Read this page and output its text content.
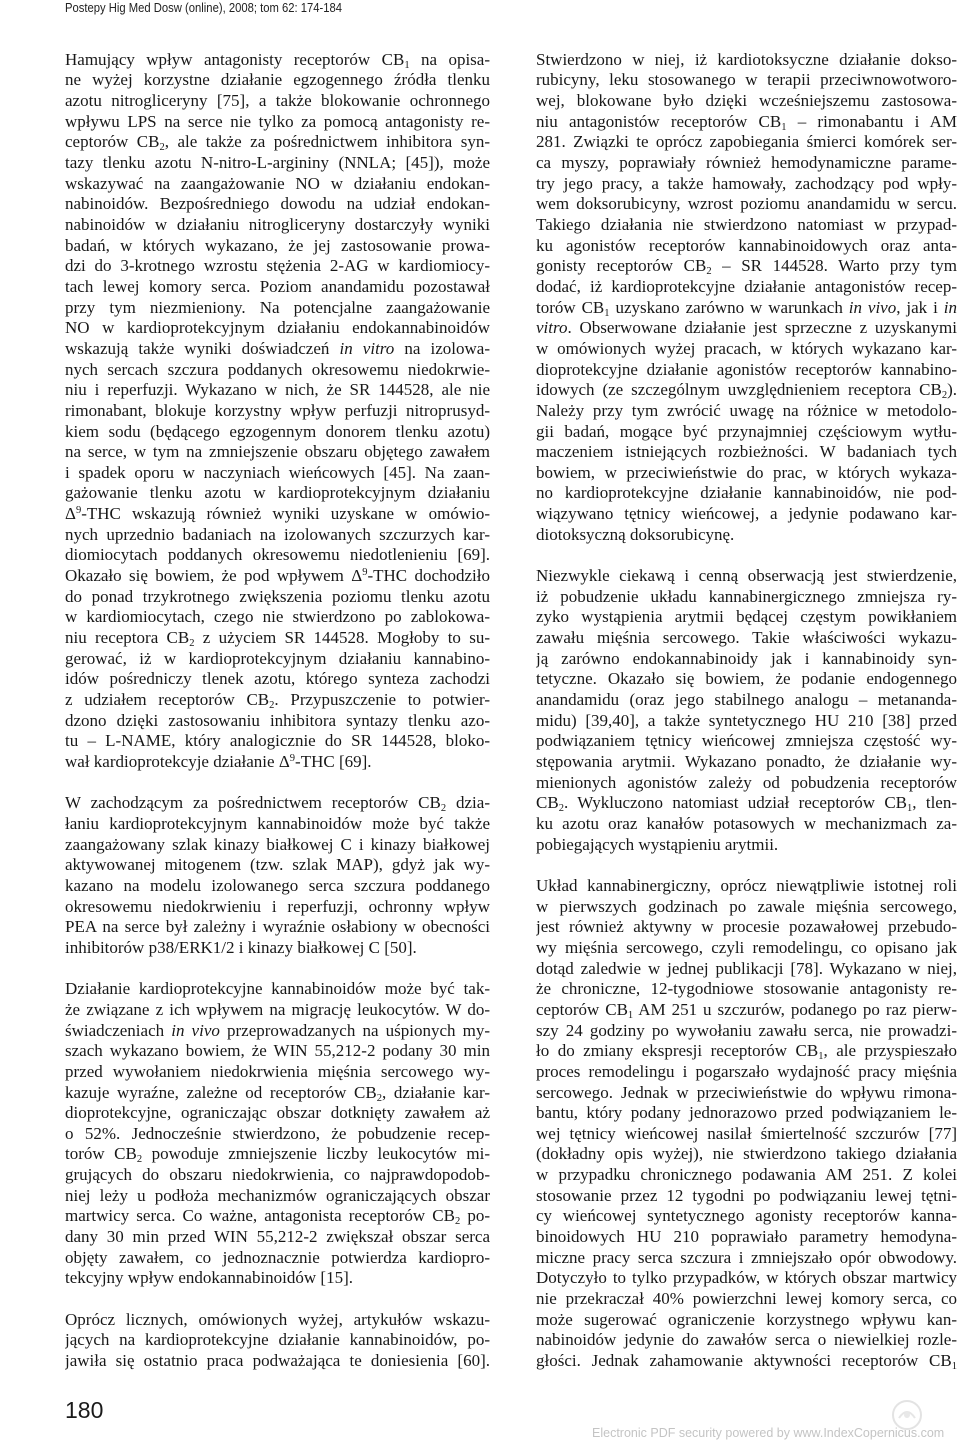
Postepy Hig Med Dosw (online), 2008; tom 62: 174-184
Hamujący wpływ antagonisty receptorów $CB_1$ na opisa-
ne wyżej korzystne działanie egzogennego źródła tlenku
azotu nitrogliceryny [75], a także blokowanie ochronnego
wpływu LPS na serce nie tylko za pomocą antagonisty re-
ceptorów $CB_2$, ale także za pośrednictwem inhibitora syn-
tazy tlenku azotu N-nitro-L-argininy (NNLA; [45]), może
wskazywać na zaangażowanie NO w działaniu endokan-
nabinoidów. Bezpośredniego dowodu na udział endokan-
nabinoidów w działaniu nitrogliceryny dostarczyły wyniki
badań, w których wykazano, że jej zastosowanie prowa-
dzi do 3-krotnego wzrostu stężenia 2-AG w kardiomiocy-
tach lewej komory serca. Poziom anandamidu pozostawał
przy tym niezmieniony. Na potencjalne zaangażowanie
NO w kardioprotekcyjnym działaniu endokannabinoidów
wskazują także wyniki doświadczeń in vitro na izolowa-
nych sercach szczura poddanych okresowemu niedokrwie-
niu i reperfuzji. Wykazano w nich, że SR 144528, ale nie
rimonabant, blokuje korzystny wpływ perfuzji nitroprusyd-
kiem sodu (będącego egzogennym donorem tlenku azotu)
na serce, w tym na zmniejszenie obszaru objętego zawałem
i spadek oporu w naczyniach wieńcowych [45]. Na zaan-
gażowanie tlenku azotu w kardioprotekcyjnym działaniu
$\Delta^9$-THC wskazują również wyniki uzyskane w omówio-
nych uprzednio badaniach na izolowanych szczurzych kar-
diomiocytach poddanych okresowemu niedotlenieniu [69].
Okazało się bowiem, że pod wpływem $\Delta^9$-THC dochodziło
do ponad trzykrotnego zwiększenia poziomu tlenku azotu
w kardiomiocytach, czego nie stwierdzono po zablokowa-
niu receptora $CB_2$ z użyciem SR 144528. Mogłoby to su-
gerować, iż w kardioprotekcyjnym działaniu kannabino-
idów pośredniczy tlenek azotu, którego synteza zachodzi
z udziałem receptorów $CB_2$. Przypuszczenie to potwier-
dzono dzięki zastosowaniu inhibitora syntazy tlenku azo-
tu – L-NAME, który analogicznie do SR 144528, bloko-
wał kardioprotekcyje działanie $\Delta^9$-THC [69].
W zachodzącym za pośrednictwem receptorów $CB_2$ dzia-
łaniu kardioprotekcyjnym kannabinoidów może być także
zaangażowany szlak kinazy białkowej C i kinazy białkowej
aktywowanej mitogenem (tzw. szlak MAP), gdyż jak wy-
kazano na modelu izolowanego serca szczura poddanego
okresowemu niedokrwieniu i reperfuzji, ochronny wpływ
PEA na serce był zależny i wyraźnie osłabiony w obecności
inhibitorów p38/ERK1/2 i kinazy białkowej C [50].
Działanie kardioprotekcyjne kannabinoidów może być tak-
że związane z ich wpływem na migrację leukocytów. W do-
świadczeniach in vivo przeprowadzanych na uśpionych my-
szach wykazano bowiem, że WIN 55,212-2 podany 30 min
przed wywołaniem niedokrwienia mięśnia sercowego wy-
kazuje wyraźne, zależne od receptorów $CB_2$, działanie kar-
dioprotekcyjne, ograniczając obszar dotknięty zawałem aż
o 52%. Jednocześnie stwierdzono, że pobudzenie recep-
torów $CB_2$ powoduje zmniejszenie liczby leukocytów mi-
grujących do obszaru niedokrwienia, co najprawdopodob-
niej leży u podłoża mechanizmów ograniczających obszar
martwicy serca. Co ważne, antagonista receptorów $CB_2$ po-
dany 30 min przed WIN 55,212-2 zwiększał obszar serca
objęty zawałem, co jednoznacznie potwierdza kardiopro-
tekcyjny wpływ endokannabinoidów [15].
Oprócz licznych, omówionych wyżej, artykułów wskazu-
jących na kardioprotekcyjne działanie kannabinoidów, po-
jawiła się ostatnio praca podważająca te doniesienia [60].
Stwierdzono w niej, iż kardiotoksyczne działanie dokso-
rubicyny, leku stosowanego w terapii przeciwnowotworo-
wej, blokowane było dzięki wcześniejszemu zastosowa-
niu antagonistów receptorów $CB_1$ – rimonabantu i AM
281. Związki te oprócz zapobiegania śmierci komórek ser-
ca myszy, poprawiały również hemodynamiczne parame-
try jego pracy, a także hamowały, zachodzący pod wpły-
wem doksorubicyny, wzrost poziomu anandamidu w sercu.
Takiego działania nie stwierdzono natomiast w przypad-
ku agonistów receptorów kannabinoidowych oraz anta-
gonisty receptorów $CB_2$ – SR 144528. Warto przy tym
dodać, iż kardioprotekcyjne działanie antagonistów recep-
torów $CB_1$ uzyskano zarówno w warunkach in vivo, jak i in
vitro. Obserwowane działanie jest sprzeczne z uzyskanymi
w omówionych wyżej pracach, w których wykazano kar-
dioprotekcyjne działanie agonistów receptorów kannabino-
idowych (ze szczególnym uwzględnieniem receptora $CB_2$).
Należy przy tym zwrócić uwagę na różnice w metodolo-
gii badań, mogące być przynajmniej częściowym wytłu-
maczeniem istniejących rozbieżności. W badaniach tych
bowiem, w przeciwieństwie do prac, w których wykaza-
no kardioprotekcyjne działanie kannabinoidów, nie pod-
wiązywano tętnicy wieńcowej, a jedynie podawano kar-
diotoksyczną doksorubicynę.
Niezwykle ciekawą i cenną obserwacją jest stwierdzenie,
iż pobudzenie układu kannabinergicznego zmniejsza ry-
zyko wystąpienia arytmii będącej częstym powikłaniem
zawału mięśnia sercowego. Takie właściwości wykazu-
ją zarówno endokannabinoidy jak i kannabinoidy syn-
tetyczne. Okazało się bowiem, że podanie endogennego
anandamidu (oraz jego stabilnego analogu – metananda-
midu) [39,40], a także syntetycznego HU 210 [38] przed
podwiązaniem tętnicy wieńcowej zmniejsza częstość wy-
stępowania arytmii. Wykazano ponadto, że działanie wy-
mienionych agonistów zależy od pobudzenia receptorów
$CB_2$. Wykluczono natomiast udział receptorów $CB_1$, tlen-
ku azotu oraz kanałów potasowych w mechanizmach za-
pobiegających wystąpieniu arytmii.
Układ kannabinergiczny, oprócz niewątpliwie istotnej roli
w pierwszych godzinach po zawale mięśnia sercowego,
jest również aktywny w procesie pozawałowej przebudo-
wy mięśnia sercowego, czyli remodelingu, co opisano jak
dotąd zaledwie w jednej publikacji [78]. Wykazano w niej,
że chroniczne, 12-tygodniowe stosowanie antagonisty re-
ceptorów $CB_1$ AM 251 u szczurów, podanego po raz pierw-
szy 24 godziny po wywołaniu zawału serca, nie prowadzi-
ło do zmiany ekspresji receptorów $CB_1$, ale przyspieszało
proces remodelingu i pogarszało wydajność pracy mięśnia
sercowego. Jednak w przeciwieństwie do wpływu rimona-
bantu, który podany jednorazowo przed podwiązaniem le-
wej tętnicy wieńcowej nasilał śmiertelność szczurów [77]
(dokładny opis wyżej), nie stwierdzono takiego działania
w przypadku chronicznego podawania AM 251. Z kolei
stosowanie przez 12 tygodni po podwiązaniu lewej tętni-
cy wieńcowej syntetycznego agonisty receptorów kanna-
binoidowych HU 210 poprawiało parametry hemodyna-
miczne pracy serca szczura i zmniejszało opór obwodowy.
Dotyczyło to tylko przypadków, w których obszar martwicy
nie przekraczał 40% powierzchni lewej komory serca, co
może sugerować ograniczenie korzystnego wpływu kan-
nabinoidów jedynie do zawałów serca o niewielkiej rozle-
głości. Jednak zahamowanie aktywności receptorów $CB_1$
180
Electronic PDF security powered by www.IndexCopernicus.com
